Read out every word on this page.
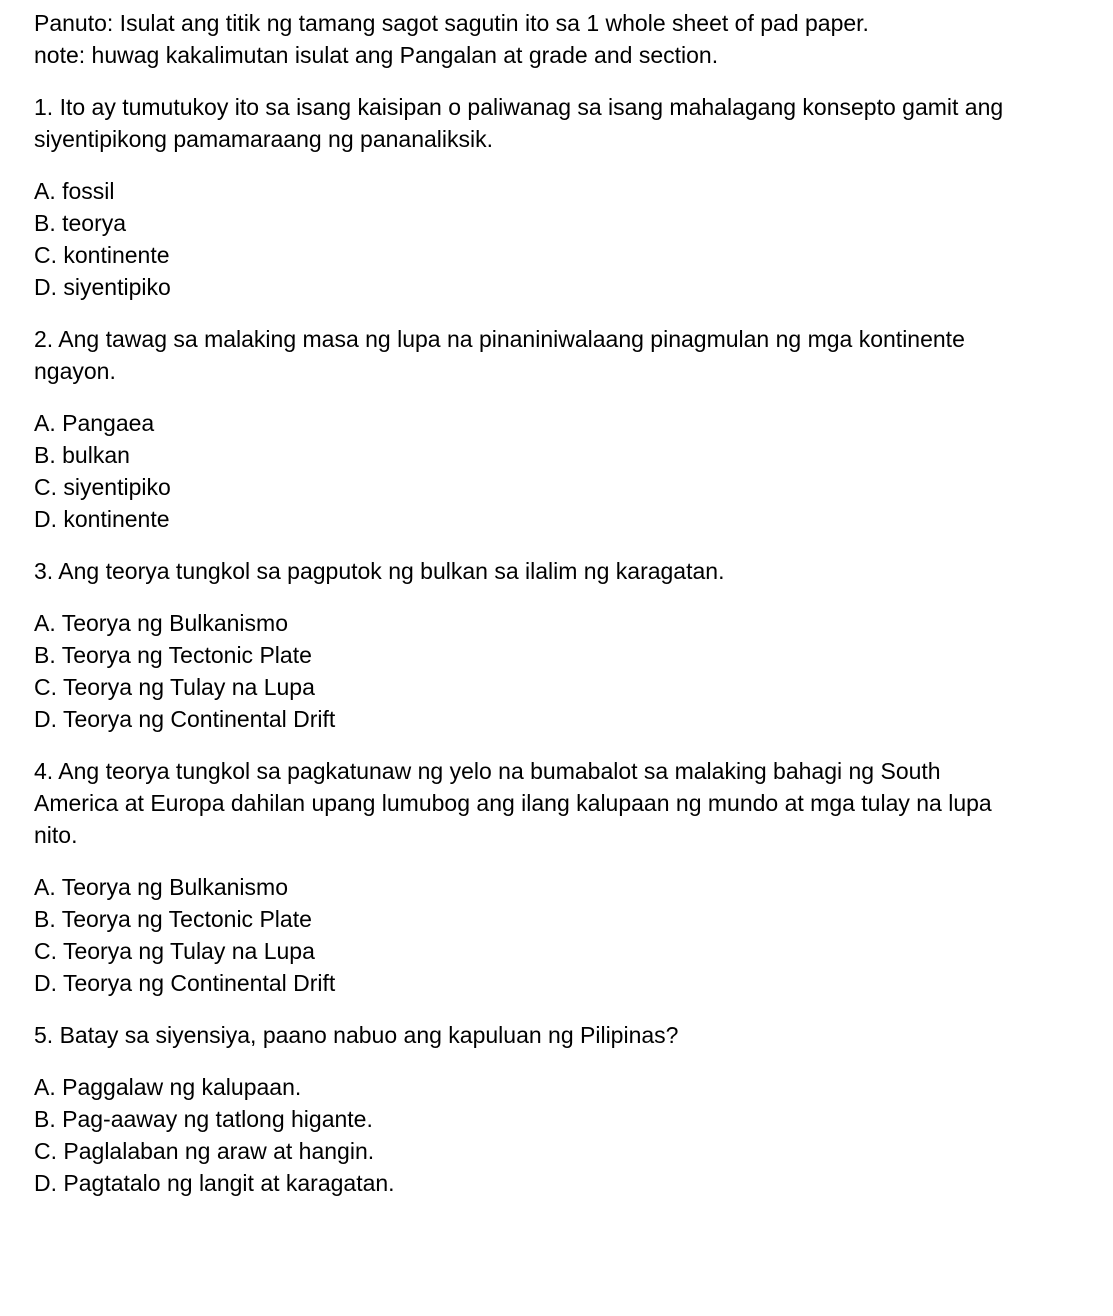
Panuto: Isulat ang titik ng tamang sagot sagutin ito sa 1 whole sheet of pad paper.
note: huwag kakalimutan isulat ang Pangalan at grade and section.
1. Ito ay tumutukoy ito sa isang kaisipan o paliwanag sa isang mahalagang konsepto gamit ang
siyentipikong pamamaraang ng pananaliksik.
A. fossil
B. teorya
C. kontinente
D. siyentipiko
2. Ang tawag sa malaking masa ng lupa na pinaniniwalaang pinagmulan ng mga kontinente
ngayon.
A. Pangaea
B. bulkan
C. siyentipiko
D. kontinente
3. Ang teorya tungkol sa pagputok ng bulkan sa ilalim ng karagatan.
A. Teorya ng Bulkanismo
B. Teorya ng Tectonic Plate
C. Teorya ng Tulay na Lupa
D. Teorya ng Continental Drift
4. Ang teorya tungkol sa pagkatunaw ng yelo na bumabalot sa malaking bahagi ng South
America at Europa dahilan upang lumubog ang ilang kalupaan ng mundo at mga tulay na lupa
nito.
A. Teorya ng Bulkanismo
B. Teorya ng Tectonic Plate
C. Teorya ng Tulay na Lupa
D. Teorya ng Continental Drift
5. Batay sa siyensiya, paano nabuo ang kapuluan ng Pilipinas?
A. Paggalaw ng kalupaan.
B. Pag-aaway ng tatlong higante.
C. Paglalaban ng araw at hangin.
D. Pagtatalo ng langit at karagatan.
